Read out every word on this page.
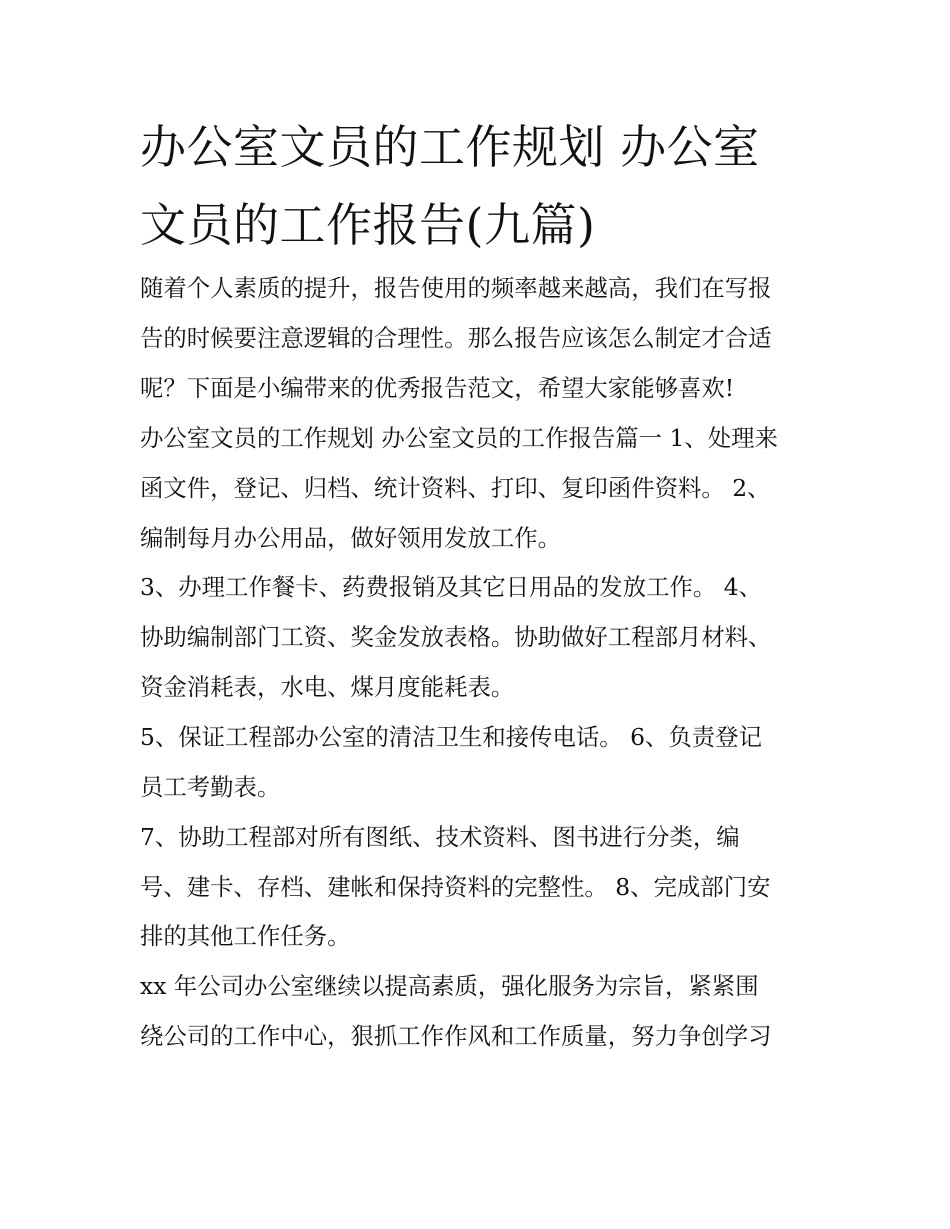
办公室文员的工作规划 办公室
文员的工作报告(九篇)

随着个人素质的提升，报告使用的频率越来越高，我们在写报
告的时候要注意逻辑的合理性。那么报告应该怎么制定才合适
呢？下面是小编带来的优秀报告范文，希望大家能够喜欢!

办公室文员的工作规划 办公室文员的工作报告篇一 1、处理来
函文件，登记、归档、统计资料、打印、复印函件资料。 2、
编制每月办公用品，做好领用发放工作。

3、办理工作餐卡、药费报销及其它日用品的发放工作。 4、
协助编制部门工资、奖金发放表格。协助做好工程部月材料、
资金消耗表，水电、煤月度能耗表。

5、保证工程部办公室的清洁卫生和接传电话。 6、负责登记
员工考勤表。

7、协助工程部对所有图纸、技术资料、图书进行分类，编
号、建卡、存档、建帐和保持资料的完整性。 8、完成部门安
排的其他工作任务。

xx 年公司办公室继续以提高素质，强化服务为宗旨，紧紧围
绕公司的工作中心，狠抓工作作风和工作质量，努力争创学习
